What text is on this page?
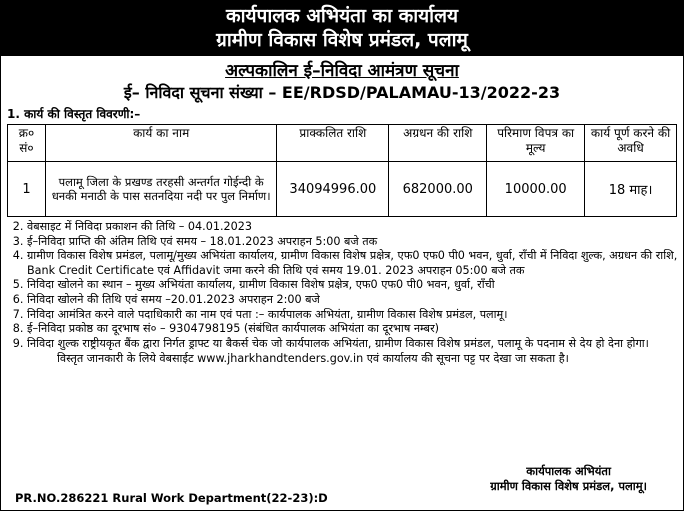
कार्यपालक अभियंता का कार्यालय
ग्रामीण विकास विशेष प्रमंडल, पलामू
अल्पकालिन ई–निविदा आमंत्रण सूचना
ई– निविदा सूचना संख्या – EE/RDSD/PALAMAU-13/2022-23
1. कार्य की विस्तृत विवरणी:–
क्र० सं०	कार्य का नाम	प्राक्कलित राशि	अग्रधन की राशि	परिमाण विपत्र का मूल्य	कार्य पूर्ण करने की अवधि
1	पलामू जिला के प्रखण्ड तरहसी अन्तर्गत गोईन्दी के धनकी मनाठी के पास सतनदिया नदी पर पुल निर्माण।	34094996.00	682000.00	10000.00	18 माह।
2. वेबसाइट में निविदा प्रकाशन की तिथि – 04.01.2023
3. ई–निविदा प्राप्ति की अंतिम तिथि एवं समय – 18.01.2023 अपराहन 5:00 बजे तक
4. ग्रामीण विकास विशेष प्रमंडल, पलामू/मुख्य अभियंता कार्यालय, ग्रामीण विकास विशेष प्रक्षेत्र, एफ0 एफ0 पी0 भवन, धुर्वा, राँची में निविदा शुल्क, अग्रधन की राशि, Bank Credit Certificate एवं Affidavit जमा करने की तिथि एवं समय 19.01. 2023 अपराहन 05:00 बजे तक
5. निविदा खोलने का स्थान – मुख्य अभियंता कार्यालय, ग्रामीण विकास विशेष प्रक्षेत्र, एफ0 एफ0 पी0 भवन, धुर्वा, राँची
6. निविदा खोलने की तिथि एवं समय –20.01.2023 अपराहन 2:00 बजे
7. निविदा आमंत्रित करने वाले पदाधिकारी का नाम एवं पता :– कार्यपालक अभियंता, ग्रामीण विकास विशेष प्रमंडल, पलामू।
8. ई–निविदा प्रकोष्ठ का दूरभाष सं० – 9304798195 (संबंधित कार्यपालक अभियंता का दूरभाष नम्बर)
9. निविदा शुल्क राष्ट्रीयकृत बैंक द्वारा निर्गत ड्राफ्ट या बैकर्स चेक जो कार्यपालक अभियंता, ग्रामीण विकास विशेष प्रमंडल, पलामू के पदनाम से देय हो देना होगा।
विस्तृत जानकारी के लिये वेबसाईट www.jharkhandtenders.gov.in एवं कार्यालय की सूचना पट्ट पर देखा जा सकता है।
कार्यपालक अभियंता
ग्रामीण विकास विशेष प्रमंडल, पलामू।
PR.NO.286221 Rural Work Department(22-23):D
